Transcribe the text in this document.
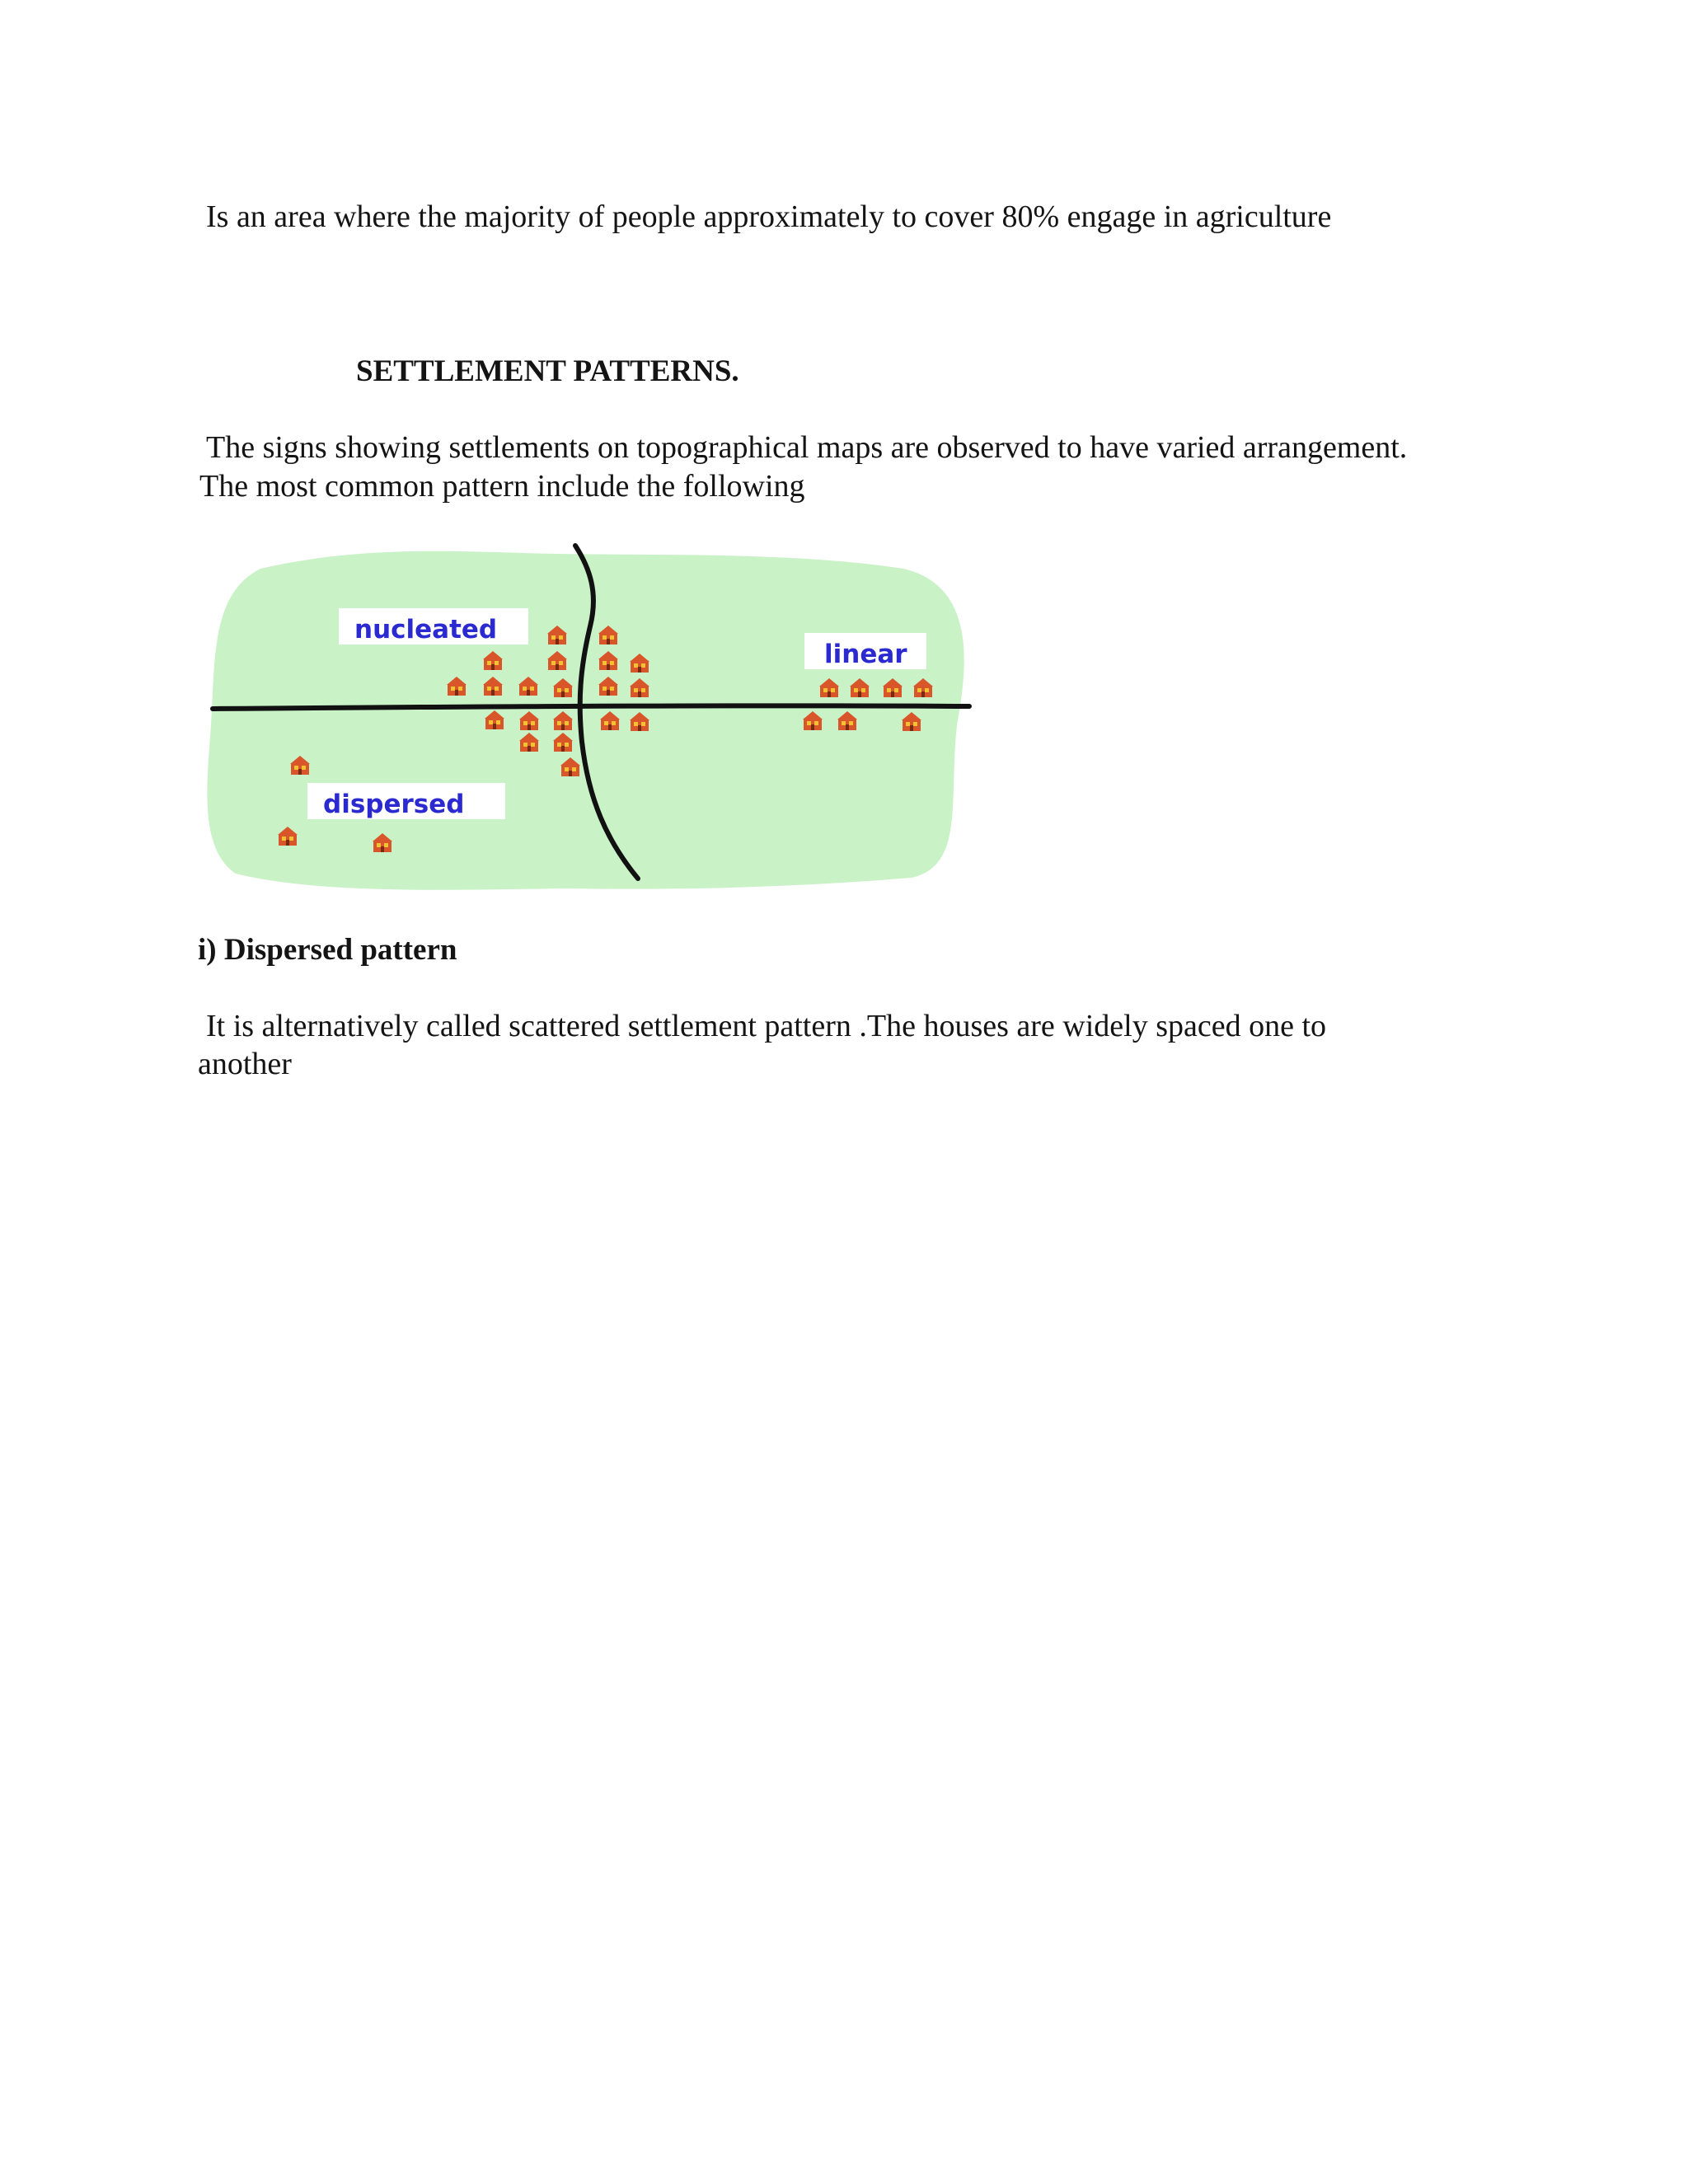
Is an area where the majority of people approximately to cover 80% engage in agriculture
SETTLEMENT PATTERNS.
The signs showing settlements on topographical maps are observed to have varied arrangement.
The most common pattern include the following
nucleated
linear
dispersed
i) Dispersed pattern
It is alternatively called scattered settlement pattern .The houses are widely spaced one to
another
